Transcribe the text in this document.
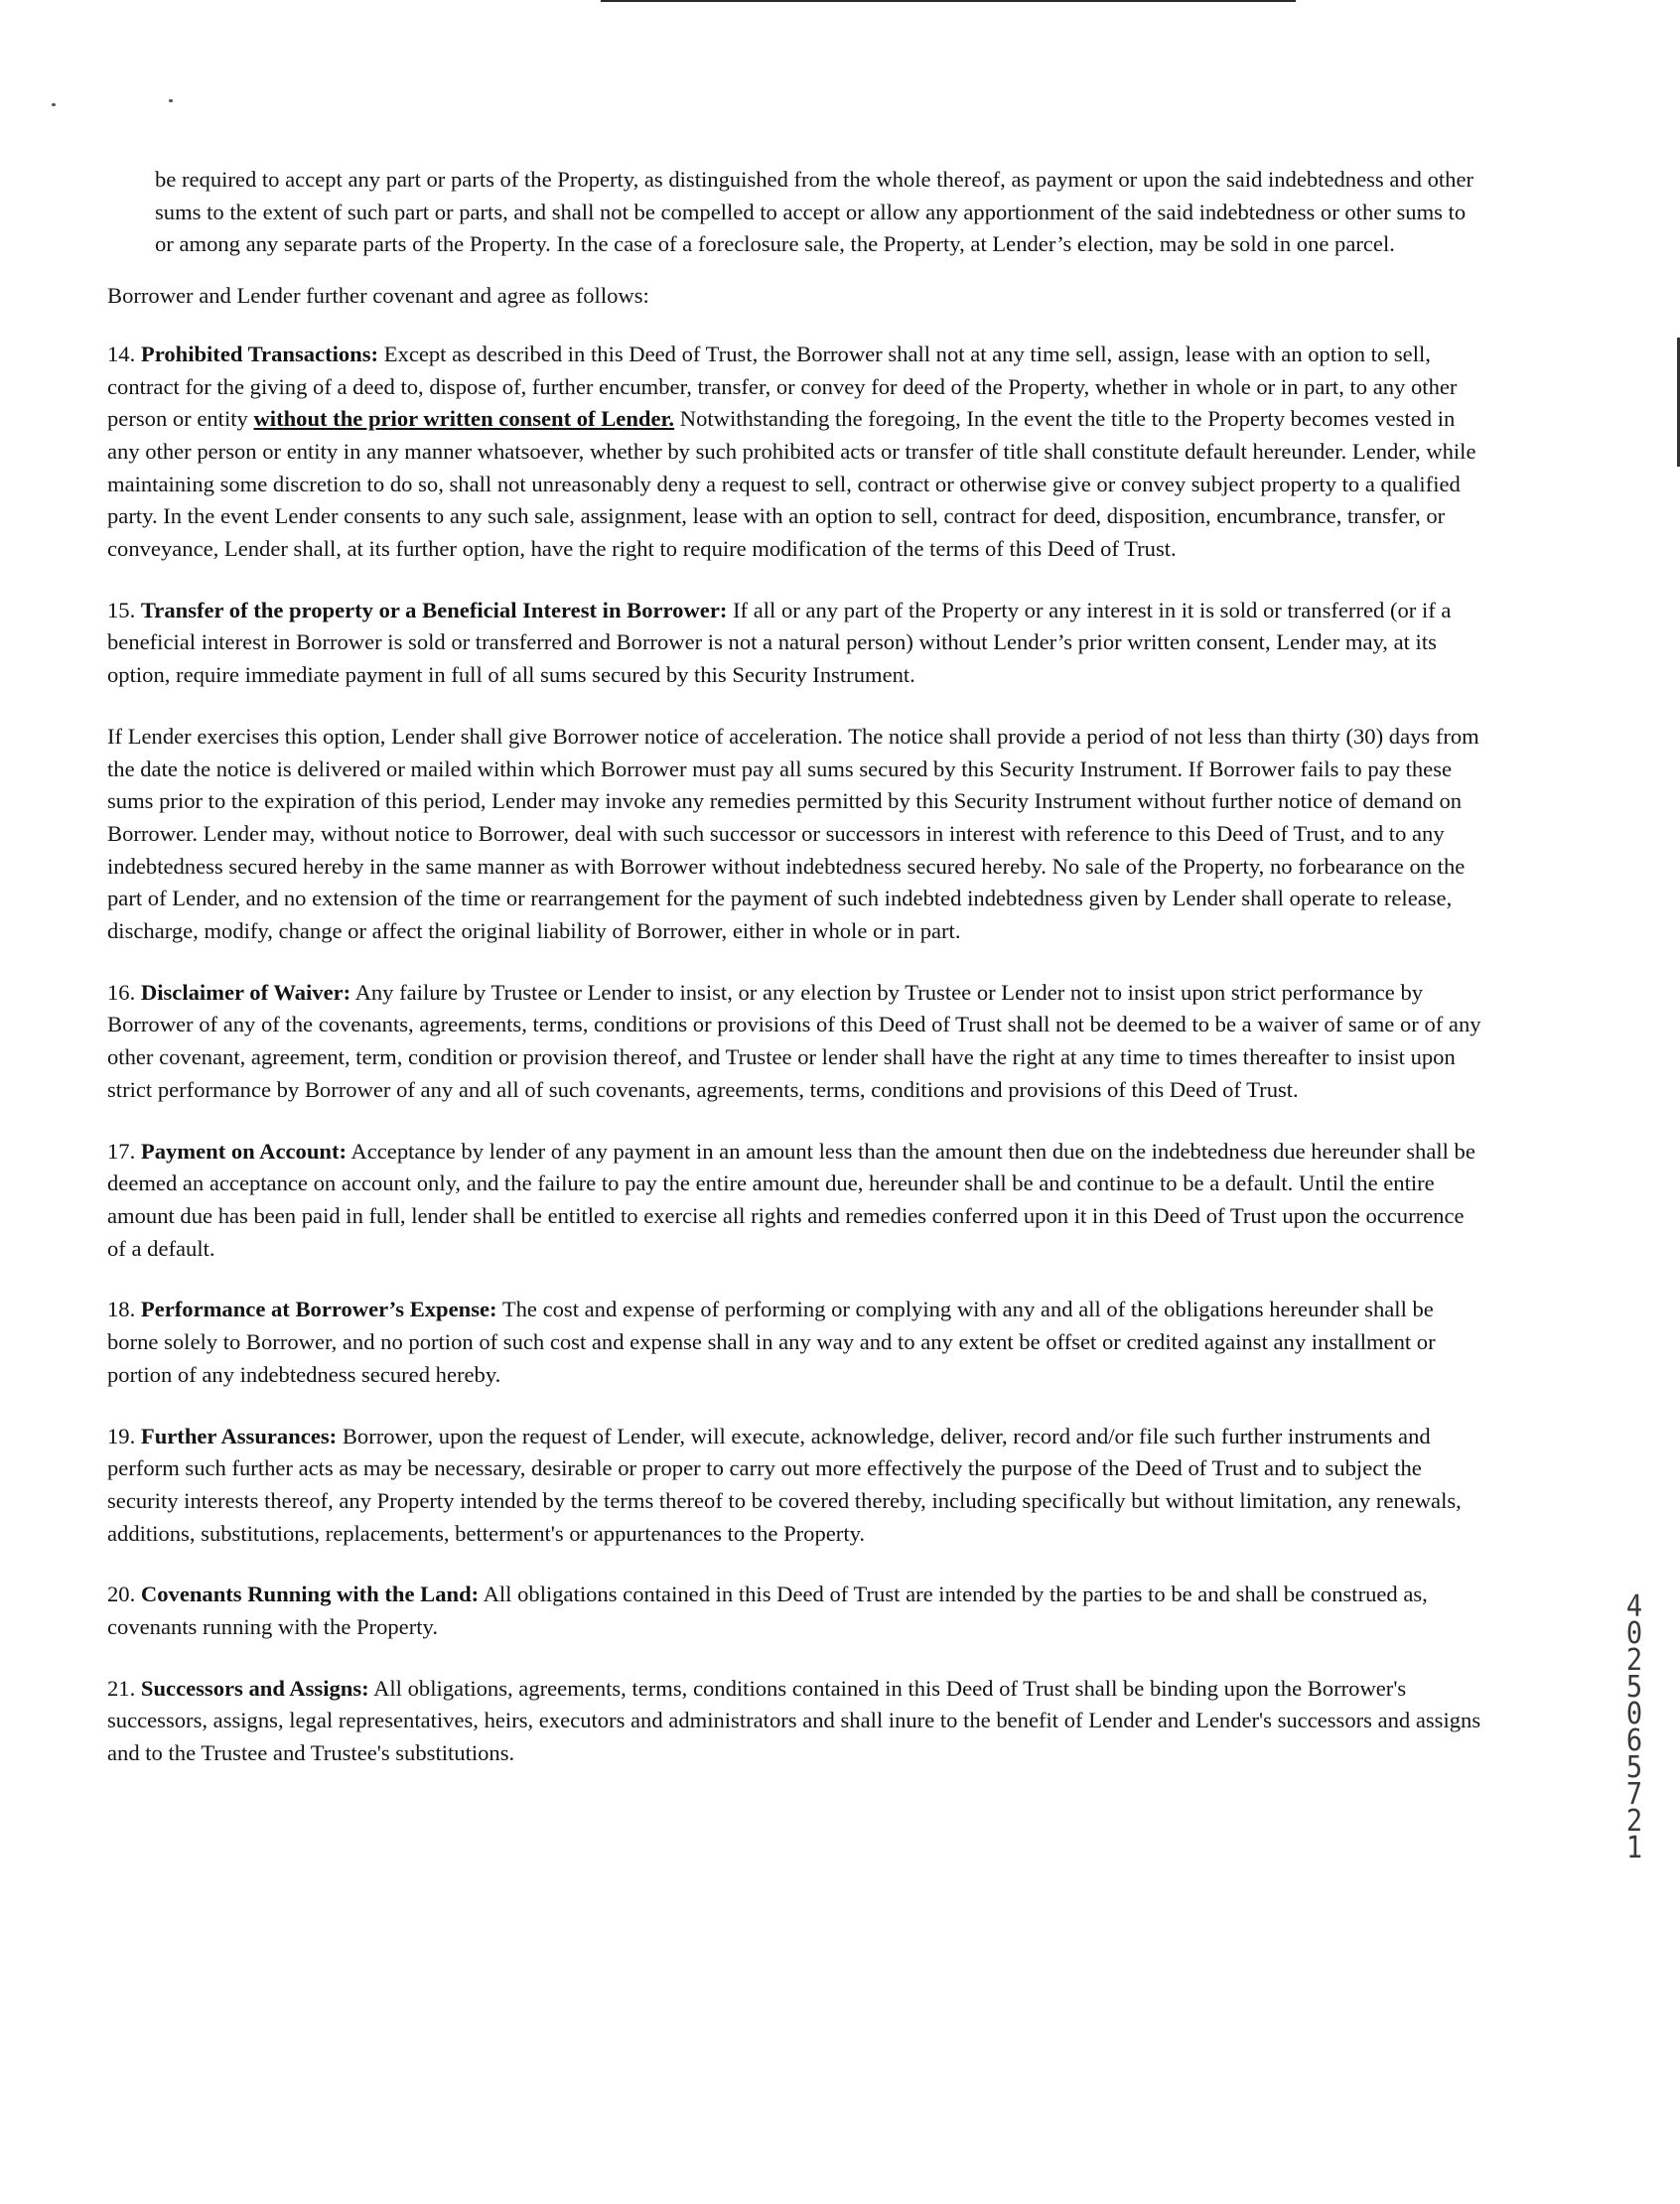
be required to accept any part or parts of the Property, as distinguished from the whole thereof, as payment or upon the said indebtedness and other sums to the extent of such part or parts, and shall not be compelled to accept or allow any apportionment of the said indebtedness or other sums to or among any separate parts of the Property. In the case of a foreclosure sale, the Property, at Lender’s election, may be sold in one parcel.

Borrower and Lender further covenant and agree as follows:

14. Prohibited Transactions: Except as described in this Deed of Trust, the Borrower shall not at any time sell, assign, lease with an option to sell, contract for the giving of a deed to, dispose of, further encumber, transfer, or convey for deed of the Property, whether in whole or in part, to any other person or entity without the prior written consent of Lender. Notwithstanding the foregoing, In the event the title to the Property becomes vested in any other person or entity in any manner whatsoever, whether by such prohibited acts or transfer of title shall constitute default hereunder. Lender, while maintaining some discretion to do so, shall not unreasonably deny a request to sell, contract or otherwise give or convey subject property to a qualified party. In the event Lender consents to any such sale, assignment, lease with an option to sell, contract for deed, disposition, encumbrance, transfer, or conveyance, Lender shall, at its further option, have the right to require modification of the terms of this Deed of Trust.

15. Transfer of the property or a Beneficial Interest in Borrower: If all or any part of the Property or any interest in it is sold or transferred (or if a beneficial interest in Borrower is sold or transferred and Borrower is not a natural person) without Lender’s prior written consent, Lender may, at its option, require immediate payment in full of all sums secured by this Security Instrument.

If Lender exercises this option, Lender shall give Borrower notice of acceleration. The notice shall provide a period of not less than thirty (30) days from the date the notice is delivered or mailed within which Borrower must pay all sums secured by this Security Instrument. If Borrower fails to pay these sums prior to the expiration of this period, Lender may invoke any remedies permitted by this Security Instrument without further notice of demand on Borrower. Lender may, without notice to Borrower, deal with such successor or successors in interest with reference to this Deed of Trust, and to any indebtedness secured hereby in the same manner as with Borrower without indebtedness secured hereby. No sale of the Property, no forbearance on the part of Lender, and no extension of the time or rearrangement for the payment of such indebted indebtedness given by Lender shall operate to release, discharge, modify, change or affect the original liability of Borrower, either in whole or in part.

16. Disclaimer of Waiver: Any failure by Trustee or Lender to insist, or any election by Trustee or Lender not to insist upon strict performance by Borrower of any of the covenants, agreements, terms, conditions or provisions of this Deed of Trust shall not be deemed to be a waiver of same or of any other covenant, agreement, term, condition or provision thereof, and Trustee or lender shall have the right at any time to times thereafter to insist upon strict performance by Borrower of any and all of such covenants, agreements, terms, conditions and provisions of this Deed of Trust.

17. Payment on Account: Acceptance by lender of any payment in an amount less than the amount then due on the indebtedness due hereunder shall be deemed an acceptance on account only, and the failure to pay the entire amount due, hereunder shall be and continue to be a default. Until the entire amount due has been paid in full, lender shall be entitled to exercise all rights and remedies conferred upon it in this Deed of Trust upon the occurrence of a default.

18. Performance at Borrower’s Expense: The cost and expense of performing or complying with any and all of the obligations hereunder shall be borne solely to Borrower, and no portion of such cost and expense shall in any way and to any extent be offset or credited against any installment or portion of any indebtedness secured hereby.

19. Further Assurances: Borrower, upon the request of Lender, will execute, acknowledge, deliver, record and/or file such further instruments and perform such further acts as may be necessary, desirable or proper to carry out more effectively the purpose of the Deed of Trust and to subject the security interests thereof, any Property intended by the terms thereof to be covered thereby, including specifically but without limitation, any renewals, additions, substitutions, replacements, betterment's or appurtenances to the Property.

20. Covenants Running with the Land: All obligations contained in this Deed of Trust are intended by the parties to be and shall be construed as, covenants running with the Property.

21. Successors and Assigns: All obligations, agreements, terms, conditions contained in this Deed of Trust shall be binding upon the Borrower's successors, assigns, legal representatives, heirs, executors and administrators and shall inure to the benefit of Lender and Lender's successors and assigns and to the Trustee and Trustee's substitutions.

40250 65721
